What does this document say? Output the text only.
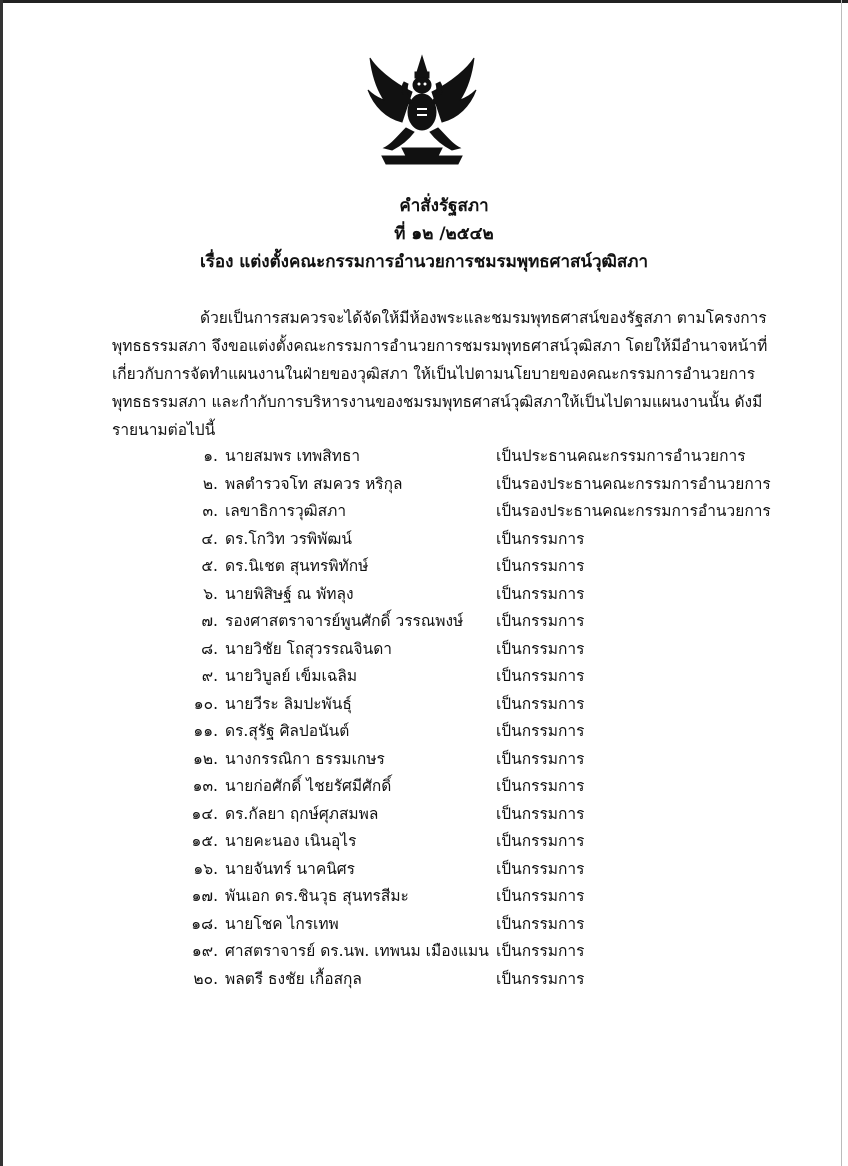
คำสั่งรัฐสภา
ที่ ๑๒ /๒๕๔๒
เรื่อง แต่งตั้งคณะกรรมการอำนวยการชมรมพุทธศาสน์วุฒิสภา
ด้วยเป็นการสมควรจะได้จัดให้มีห้องพระและชมรมพุทธศาสน์ของรัฐสภา ตามโครงการ
พุทธธรรมสภา จึงขอแต่งตั้งคณะกรรมการอำนวยการชมรมพุทธศาสน์วุฒิสภา โดยให้มีอำนาจหน้าที่
เกี่ยวกับการจัดทำแผนงานในฝ่ายของวุฒิสภา ให้เป็นไปตามนโยบายของคณะกรรมการอำนวยการ
พุทธธรรมสภา และกำกับการบริหารงานของชมรมพุทธศาสน์วุฒิสภาให้เป็นไปตามแผนงานนั้น ดังมี
รายนามต่อไปนี้
๑. นายสมพร เทพสิทธา	เป็นประธานคณะกรรมการอำนวยการ
๒. พลตำรวจโท สมควร หริกุล	เป็นรองประธานคณะกรรมการอำนวยการ
๓. เลขาธิการวุฒิสภา	เป็นรองประธานคณะกรรมการอำนวยการ
๔. ดร.โกวิท วรพิพัฒน์	เป็นกรรมการ
๕. ดร.นิเชต สุนทรพิทักษ์	เป็นกรรมการ
๖. นายพิสิษฐ์ ณ พัทลุง	เป็นกรรมการ
๗. รองศาสตราจารย์พูนศักดิ์ วรรณพงษ์ เป็นกรรมการ
๘. นายวิชัย โถสุวรรณจินดา	เป็นกรรมการ
๙. นายวิบูลย์ เข็มเฉลิม	เป็นกรรมการ
๑๐. นายวีระ ลิมปะพันธุ์	เป็นกรรมการ
๑๑. ดร.สุรัฐ ศิลปอนันต์	เป็นกรรมการ
๑๒. นางกรรณิกา ธรรมเกษร	เป็นกรรมการ
๑๓. นายก่อศักดิ์ ไชยรัศมีศักดิ์	เป็นกรรมการ
๑๔. ดร.กัลยา ฤกษ์ศุภสมพล	เป็นกรรมการ
๑๕. นายคะนอง เนินอุไร	เป็นกรรมการ
๑๖. นายจันทร์ นาคนิศร	เป็นกรรมการ
๑๗. พันเอก ดร.ชินวุธ สุนทรสีมะ	เป็นกรรมการ
๑๘. นายโชค ไกรเทพ	เป็นกรรมการ
๑๙. ศาสตราจารย์ ดร.นพ. เทพนม เมืองแมน เป็นกรรมการ
๒๐. พลตรี ธงชัย เกื้อสกุล	เป็นกรรมการ
